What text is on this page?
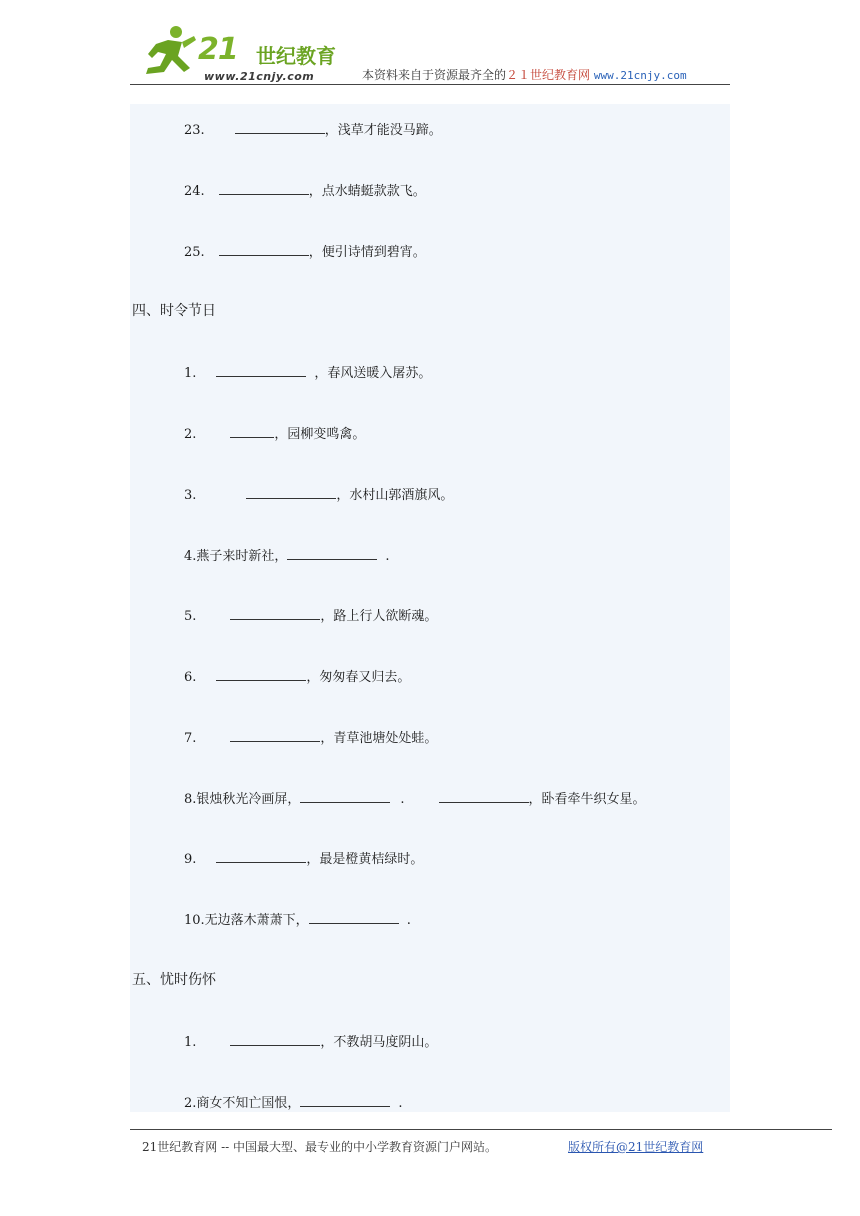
21 世纪教育
www.21cnjy.com	本资料来自于资源最齐全的２１世纪教育网 www.21cnjy.com
23.	，浅草才能没马蹄。
24.	，点水蜻蜓款款飞。
25.	，便引诗情到碧宵。
四、时令节日
1.	，春风送暖入屠苏。
2.	，园柳变鸣禽。
3.	，水村山郭酒旗风。
4.燕子来时新社，	.
5.	，路上行人欲断魂。
6.	，匆匆春又归去。
7.	，青草池塘处处蛙。
8.银烛秋光冷画屏，	.	，卧看牵牛织女星。
9.	，最是橙黄桔绿时。
10.无边落木萧萧下，	.
五、忧时伤怀
1.	，不教胡马度阴山。
2.商女不知亡国恨，	.
21世纪教育网 -- 中国最大型、最专业的中小学教育资源门户网站。	版权所有@21世纪教育网
